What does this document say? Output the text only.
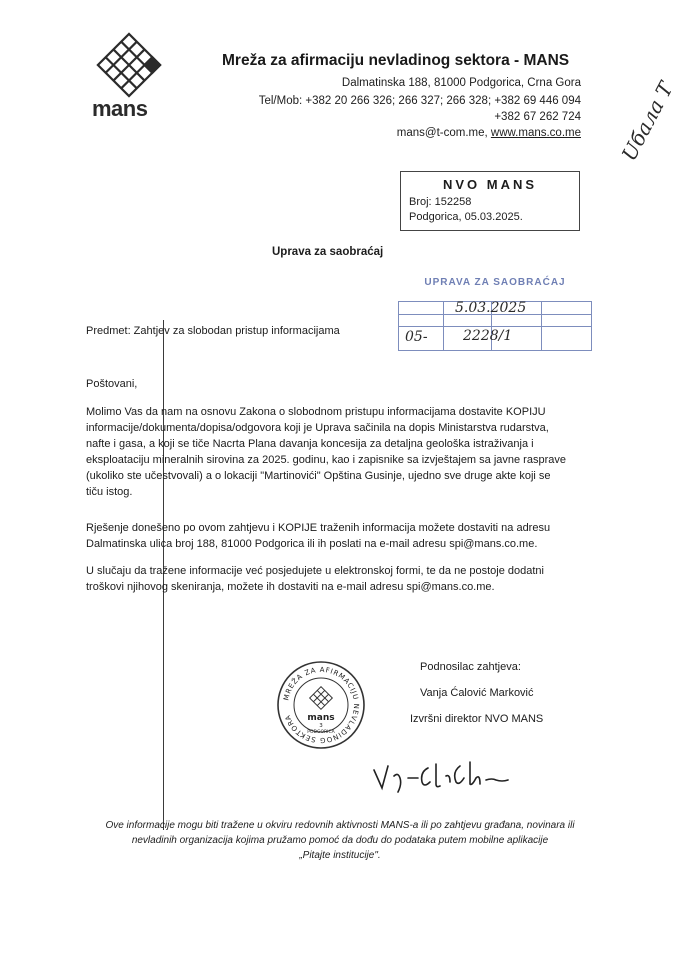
mans
Mreža za afirmaciju nevladinog sektora - MANS
Dalmatinska 188, 81000 Podgorica, Crna Gora
Tel/Mob: +382 20 266 326; 266 327; 266 328; +382 69 446 094
+382 67 262 724
mans@t-com.me, www.mans.co.me Uбала Т
NVO MANS
Broj: 152258
Podgorica, 05.03.2025.
Uprava za saobraćaj
UPRAVA ZA SAOBRAĆAJ
5.03.2025
05-	2228/1
Predmet: Zahtjev za slobodan pristup informacijama
Poštovani,
Molimo Vas da nam na osnovu Zakona o slobodnom pristupu informacijama dostavite KOPIJU informacije/dokumenta/dopisa/odgovora koji je Uprava sačinila na dopis Ministarstva rudarstva, nafte i gasa, a koji se tiče Nacrta Plana davanja koncesija za detaljna geološka istraživanja i eksploataciju mineralnih sirovina za 2025. godinu, kao i zapisnike sa izvještajem sa javne rasprave (ukoliko ste učestvovali) a o lokaciji "Martinovići" Opština Gusinje, ujedno sve druge akte koji se tiču istog.
Rješenje donešeno po ovom zahtjevu i KOPIJE traženih informacija možete dostaviti na adresu Dalmatinska ulica broj 188, 81000 Podgorica ili ih poslati na e-mail adresu spi@mans.co.me.
U slučaju da tražene informacije već posjedujete u elektronskoj formi, te da ne postoje dodatni troškovi njihovog skeniranja, možete ih dostaviti na e-mail adresu spi@mans.co.me.
Podnosilac zahtjeva:
Vanja Ćalović Marković
Izvršni direktor NVO MANS
MREŽA ZA AFIRMACIJU NEVLADINOG SEKTORA	mans
3
PODGORICA
Ove informacije mogu biti tražene u okviru redovnih aktivnosti MANS-a ili po zahtjevu građana, novinara ili
nevladinih organizacija kojima pružamo pomoć da dođu do podataka putem mobilne aplikacije
„Pitajte institucije".
